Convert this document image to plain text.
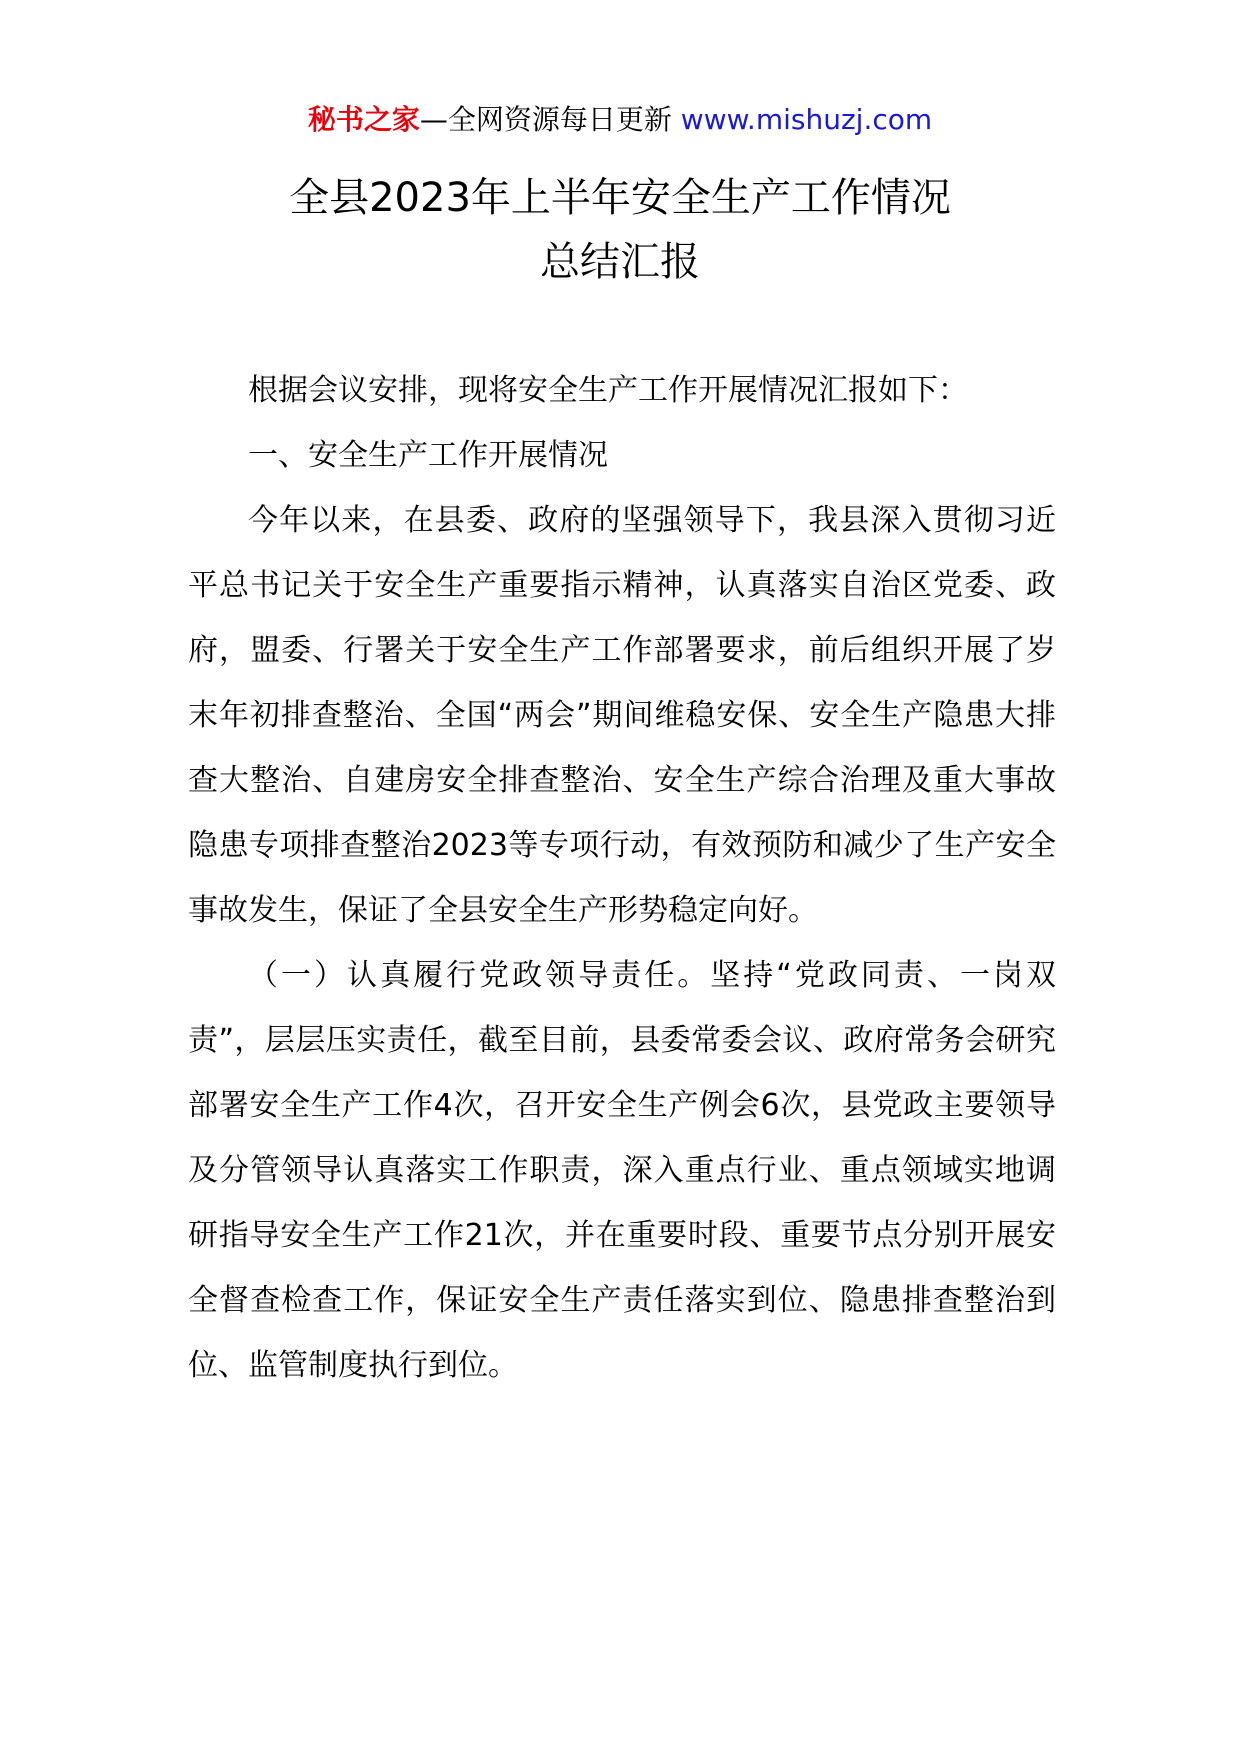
秘书之家—全网资源每日更新 www.mishuzj.com
全县2023年上半年安全生产工作情况
总结汇报

根据会议安排，现将安全生产工作开展情况汇报如下：

一、安全生产工作开展情况

今年以来，在县委、政府的坚强领导下，我县深入贯彻习近平总书记关于安全生产重要指示精神，认真落实自治区党委、政府，盟委、行署关于安全生产工作部署要求，前后组织开展了岁末年初排查整治、全国“两会”期间维稳安保、安全生产隐患大排查大整治、自建房安全排查整治、安全生产综合治理及重大事故隐患专项排查整治2023等专项行动，有效预防和减少了生产安全事故发生，保证了全县安全生产形势稳定向好。

（一）认真履行党政领导责任。坚持“党政同责、一岗双责”，层层压实责任，截至目前，县委常委会议、政府常务会研究部署安全生产工作4次，召开安全生产例会6次，县党政主要领导及分管领导认真落实工作职责，深入重点行业、重点领域实地调研指导安全生产工作21次，并在重要时段、重要节点分别开展安全督查检查工作，保证安全生产责任落实到位、隐患排查整治到位、监管制度执行到位。
